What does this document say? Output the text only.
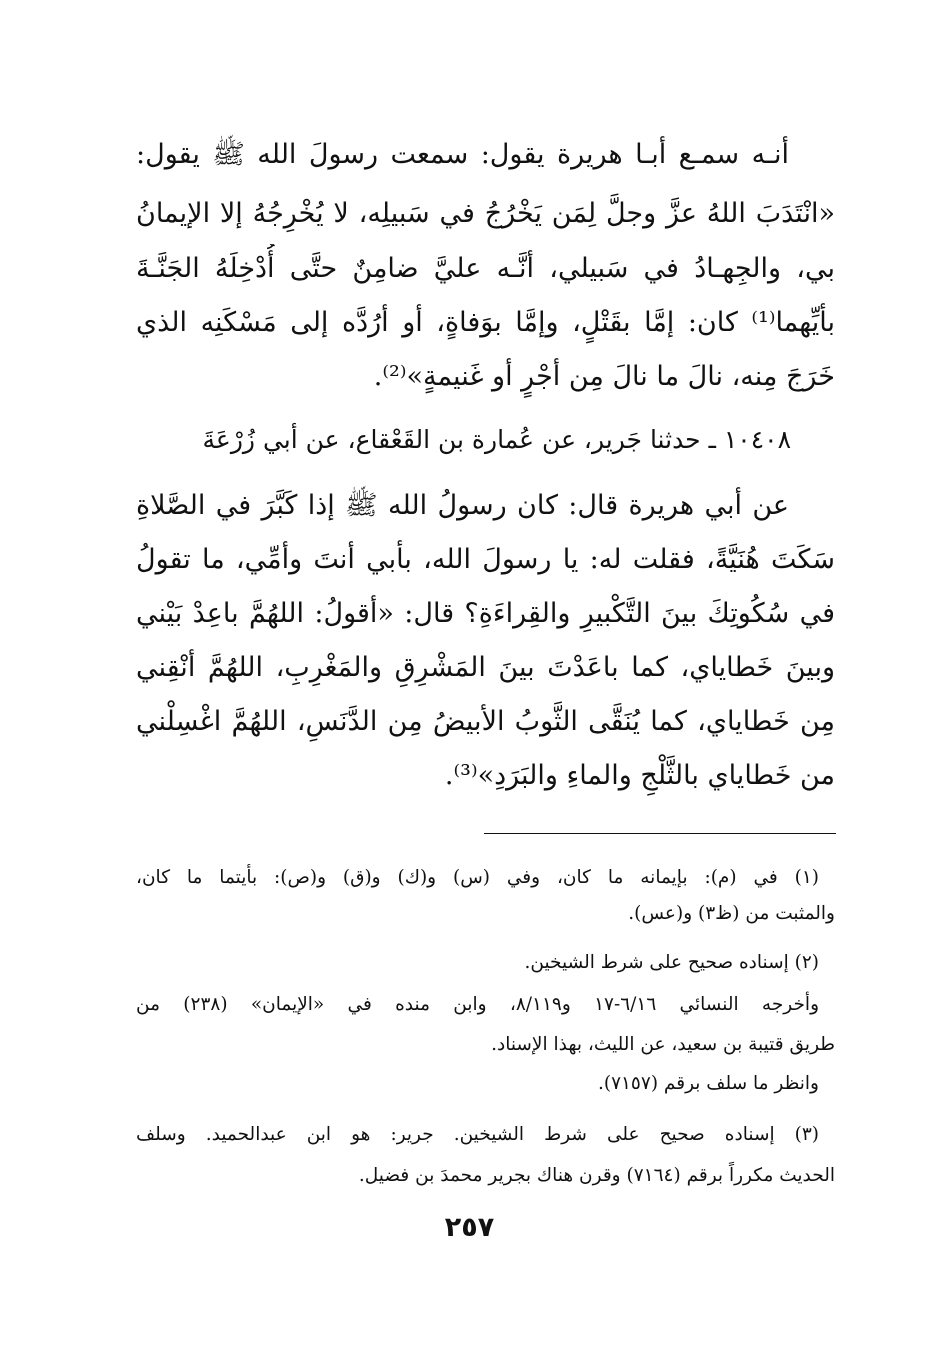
أنـه سمـع أبـا هريرة يقول: سمعت رسولَ الله ﷺ يقول:
«انْتَدَبَ اللهُ عزَّ وجلَّ لِمَن يَخْرُجُ في سَبيلِه، لا يُخْرِجُهُ إلا الإيمانُ
بي، والجِهـادُ في سَبيلي، أنَّـه عليَّ ضامِنٌ حتَّى أُدْخِلَهُ الجَنَّـةَ
بأيِّهما⁽¹⁾ كان: إمَّا بقَتْلٍ، وإمَّا بوَفاةٍ، أو أرُدَّه إلى مَسْكَنِه الذي
خَرَجَ مِنه، نالَ ما نالَ مِن أجْرٍ أو غَنيمةٍ»⁽²⁾.
١٠٤٠٨ ـ حدثنا جَرير، عن عُمارة بن القَعْقاع، عن أبي زُرْعَةَ
عن أبي هريرة قال: كان رسولُ الله ﷺ إذا كَبَّرَ في الصَّلاةِ
سَكَتَ هُنَيَّةً، فقلت له: يا رسولَ الله، بأبي أنتَ وأمِّي، ما تقولُ
في سُكُوتِكَ بينَ التَّكْبيرِ والقِراءَةِ؟ قال: «أقولُ: اللهُمَّ باعِدْ بَيْني
وبينَ خَطاياي، كما باعَدْتَ بينَ المَشْرِقِ والمَغْرِبِ، اللهُمَّ أنْقِني
مِن خَطاياي، كما يُنَقَّى الثَّوبُ الأبيضُ مِن الدَّنَسِ، اللهُمَّ اغْسِلْني
من خَطاياي بالثَّلْجِ والماءِ والبَرَدِ»⁽³⁾.
(١) في (م): بإيمانه ما كان، وفي (س) و(ك) و(ق) و(ص): بأيتما ما كان،
والمثبت من (ظ٣) و(عس).
(٢) إسناده صحيح على شرط الشيخين.
وأخرجه النسائي ٦/١٦-١٧ و٨/١١٩، وابن منده في «الإيمان» (٢٣٨) من
طريق قتيبة بن سعيد، عن الليث، بهذا الإسناد.
وانظر ما سلف برقم (٧١٥٧).
(٣) إسناده صحيح على شرط الشيخين. جرير: هو ابن عبدالحميد. وسلف
الحديث مكرراً برقم (٧١٦٤) وقرن هناك بجرير محمدَ بن فضيل.
٢٥٧
